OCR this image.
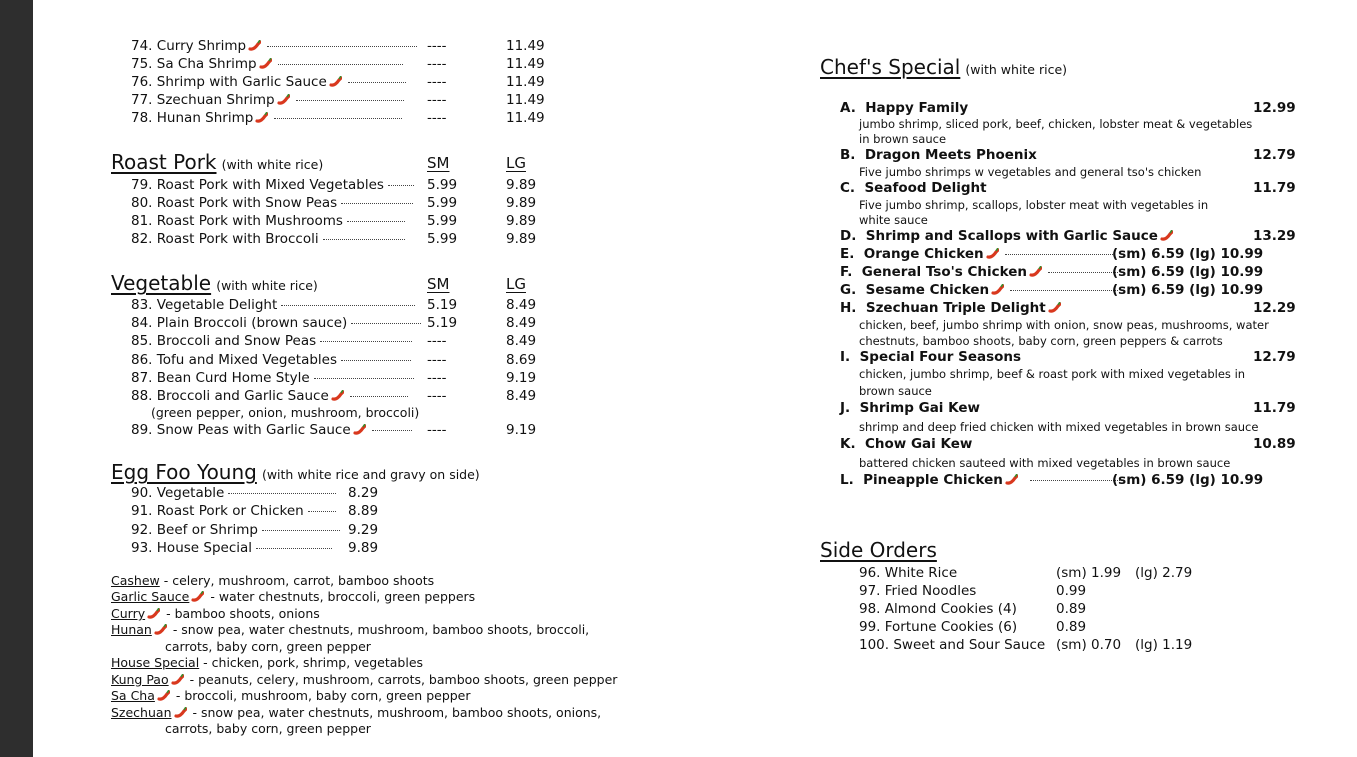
74. Curry Shrimp	----	11.49
75. Sa Cha Shrimp	----	11.49
76. Shrimp with Garlic Sauce	----	11.49
77. Szechuan Shrimp	----	11.49
78. Hunan Shrimp	----	11.49
Roast Pork (with white rice)	SM	LG
79. Roast Pork with Mixed Vegetables	5.99	9.89
80. Roast Pork with Snow Peas	5.99	9.89
81. Roast Pork with Mushrooms	5.99	9.89
82. Roast Pork with Broccoli	5.99	9.89
Vegetable (with white rice)	SM	LG
83. Vegetable Delight	5.19	8.49
84. Plain Broccoli (brown sauce)	5.19	8.49
85. Broccoli and Snow Peas	----	8.49
86. Tofu and Mixed Vegetables	----	8.69
87. Bean Curd Home Style	----	9.19
88. Broccoli and Garlic Sauce	----	8.49
(green pepper, onion, mushroom, broccoli)
89. Snow Peas with Garlic Sauce	----	9.19
Egg Foo Young (with white rice and gravy on side)
90. Vegetable	8.29
91. Roast Pork or Chicken	8.89
92. Beef or Shrimp	9.29
93. House Special	9.89
Cashew - celery, mushroom, carrot, bamboo shoots
Garlic Sauce - water chestnuts, broccoli, green peppers
Curry - bamboo shoots, onions
Hunan - snow pea, water chestnuts, mushroom, bamboo shoots, broccoli,
carrots, baby corn, green pepper
House Special - chicken, pork, shrimp, vegetables
Kung Pao - peanuts, celery, mushroom, carrots, bamboo shoots, green pepper
Sa Cha - broccoli, mushroom, baby corn, green pepper
Szechuan - snow pea, water chestnuts, mushroom, bamboo shoots, onions,
carrots, baby corn, green pepper
Chef's Special (with white rice)
A. Happy Family	12.99
jumbo shrimp, sliced pork, beef, chicken, lobster meat & vegetables
in brown sauce
B. Dragon Meets Phoenix	12.79
Five jumbo shrimps w vegetables and general tso's chicken
C. Seafood Delight	11.79
Five jumbo shrimp, scallops, lobster meat with vegetables in
white sauce
D. Shrimp and Scallops with Garlic Sauce	13.29
E. Orange Chicken	(sm) 6.59 (lg) 10.99
F. General Tso's Chicken	(sm) 6.59 (lg) 10.99
G. Sesame Chicken	(sm) 6.59 (lg) 10.99
H. Szechuan Triple Delight	12.29
chicken, beef, jumbo shrimp with onion, snow peas, mushrooms, water
chestnuts, bamboo shoots, baby corn, green peppers & carrots
I. Special Four Seasons	12.79
chicken, jumbo shrimp, beef & roast pork with mixed vegetables in
brown sauce
J. Shrimp Gai Kew	11.79
shrimp and deep fried chicken with mixed vegetables in brown sauce
K. Chow Gai Kew	10.89
battered chicken sauteed with mixed vegetables in brown sauce
L. Pineapple Chicken	(sm) 6.59 (lg) 10.99
Side Orders
96. White Rice	(sm) 1.99 (lg) 2.79
97. Fried Noodles	0.99
98. Almond Cookies (4)	0.89
99. Fortune Cookies (6)	0.89
100. Sweet and Sour Sauce (sm) 0.70 (lg) 1.19
